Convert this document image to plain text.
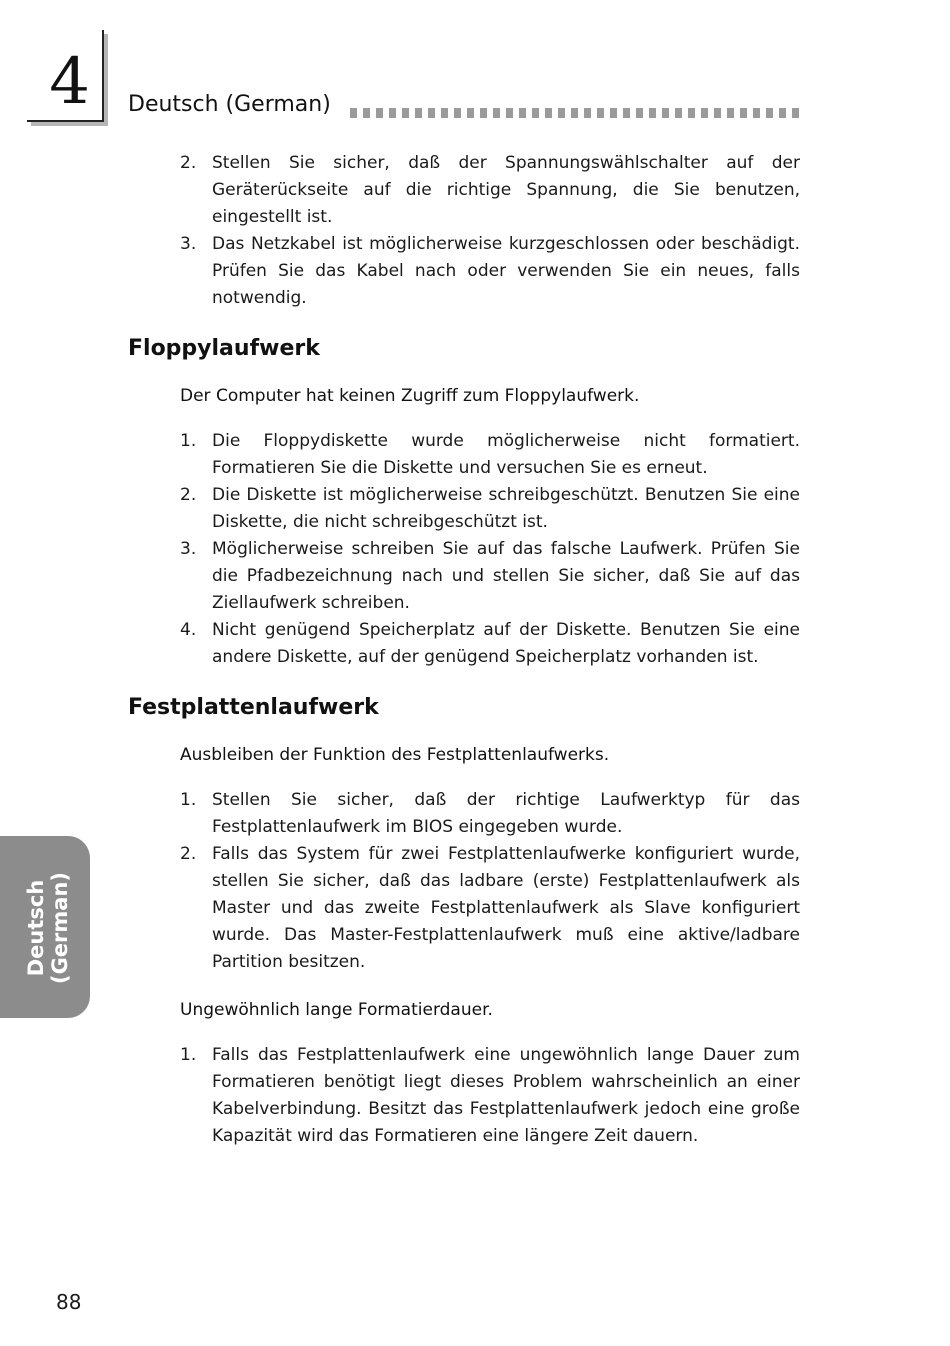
4 Deutsch (German)
2. Stellen Sie sicher, daß der Spannungswählschalter auf der Geräterückseite auf die richtige Spannung, die Sie benutzen, eingestellt ist.
3. Das Netzkabel ist möglicherweise kurzgeschlossen oder beschädigt. Prüfen Sie das Kabel nach oder verwenden Sie ein neues, falls notwendig.
Floppylaufwerk

Der Computer hat keinen Zugriff zum Floppylaufwerk.

1. Die Floppydiskette wurde möglicherweise nicht formatiert. Formatieren Sie die Diskette und versuchen Sie es erneut.
2. Die Diskette ist möglicherweise schreibgeschützt. Benutzen Sie eine Diskette, die nicht schreibgeschützt ist.
3. Möglicherweise schreiben Sie auf das falsche Laufwerk. Prüfen Sie die Pfadbezeichnung nach und stellen Sie sicher, daß Sie auf das Ziellaufwerk schreiben.
4. Nicht genügend Speicherplatz auf der Diskette. Benutzen Sie eine andere Diskette, auf der genügend Speicherplatz vorhanden ist.
Festplattenlaufwerk

Ausbleiben der Funktion des Festplattenlaufwerks.

1. Stellen Sie sicher, daß der richtige Laufwerktyp für das Festplattenlaufwerk im BIOS eingegeben wurde.
2. Falls das System für zwei Festplattenlaufwerke konfiguriert wurde, stellen Sie sicher, daß das ladbare (erste) Festplattenlaufwerk als Master und das zweite Festplattenlaufwerk als Slave konfiguriert wurde. Das Master-Festplattenlaufwerk muß eine aktive/ladbare Partition besitzen.

Ungewöhnlich lange Formatierdauer.

1. Falls das Festplattenlaufwerk eine ungewöhnlich lange Dauer zum Formatieren benötigt liegt dieses Problem wahrscheinlich an einer Kabelverbindung. Besitzt das Festplattenlaufwerk jedoch eine große Kapazität wird das Formatieren eine längere Zeit dauern.
Deutsch (German)
88
